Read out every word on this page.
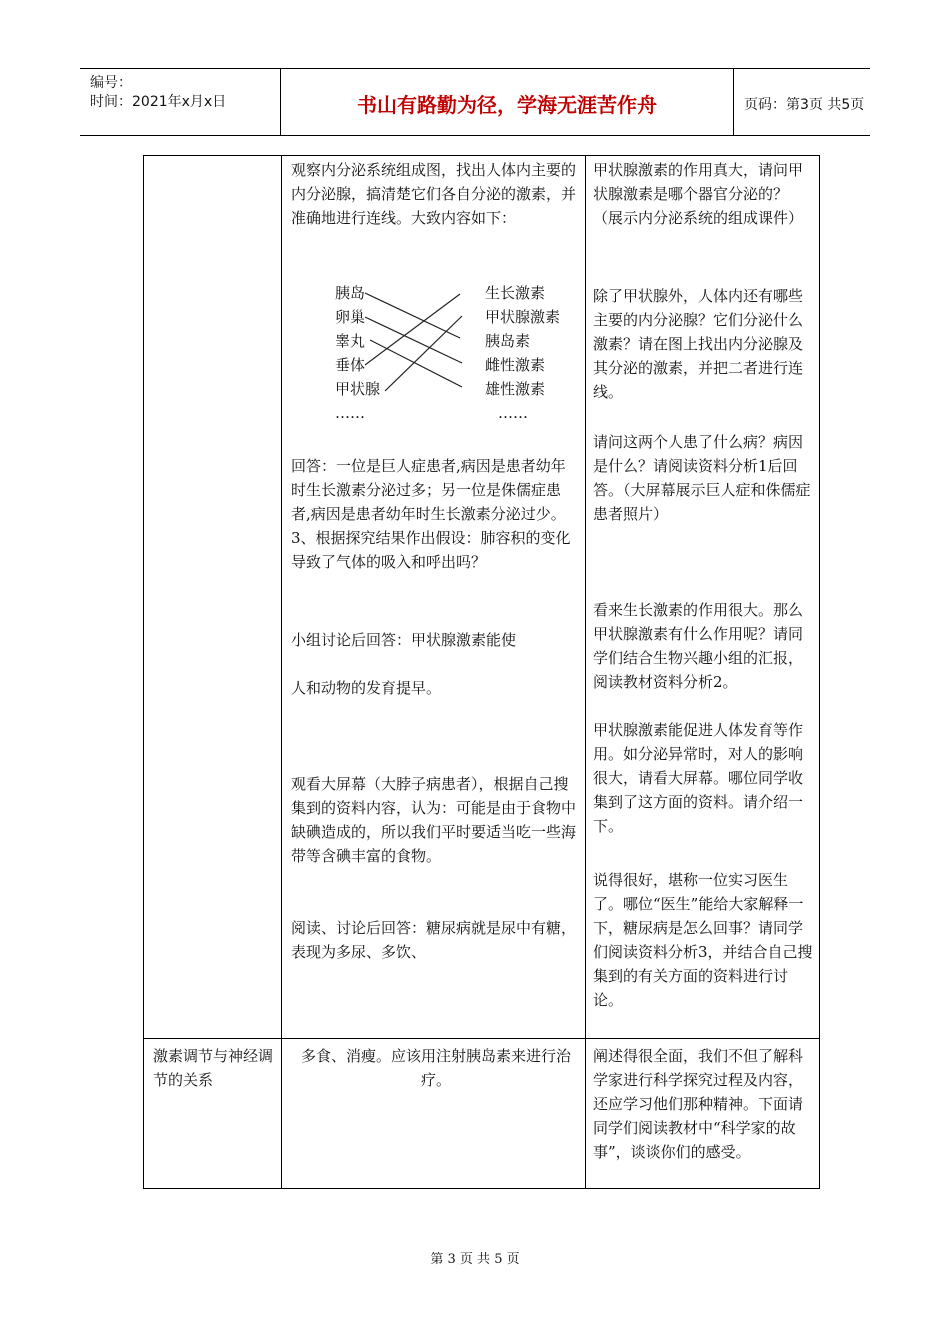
编号：
时间：2021年x月x日	书山有路勤为径，学海无涯苦作舟	页码：第3页 共5页

观察内分泌系统组成图，找出人体内主要的内分泌腺，搞清楚它们各自分泌的激素，并准确地进行连线。大致内容如下：

胰岛
卵巢
睾丸
垂体
甲状腺
……
生长激素
甲状腺激素
胰岛素
雌性激素
雄性激素
……

回答：一位是巨人症患者,病因是患者幼年时生长激素分泌过多；另一位是侏儒症患者,病因是患者幼年时生长激素分泌过少。 3、根据探究结果作出假设：肺容积的变化导致了气体的吸入和呼出吗？

小组讨论后回答：甲状腺激素能使

人和动物的发育提早。

观看大屏幕（大脖子病患者），根据自己搜集到的资料内容，认为：可能是由于食物中缺碘造成的，所以我们平时要适当吃一些海带等含碘丰富的食物。

阅读、讨论后回答：糖尿病就是尿中有糖，表现为多尿、多饮、

甲状腺激素的作用真大，请问甲状腺激素是哪个器官分泌的？（展示内分泌系统的组成课件）

除了甲状腺外，人体内还有哪些主要的内分泌腺？它们分泌什么激素？请在图上找出内分泌腺及其分泌的激素，并把二者进行连线。

请问这两个人患了什么病？病因是什么？请阅读资料分析1后回答。（大屏幕展示巨人症和侏儒症患者照片）

看来生长激素的作用很大。那么甲状腺激素有什么作用呢？请同学们结合生物兴趣小组的汇报，阅读教材资料分析2。

甲状腺激素能促进人体发育等作用。如分泌异常时，对人的影响很大，请看大屏幕。哪位同学收集到了这方面的资料。请介绍一下。

说得很好，堪称一位实习医生了。哪位“医生”能给大家解释一下，糖尿病是怎么回事？请同学们阅读资料分析3，并结合自己搜集到的有关方面的资料进行讨论。

激素调节与神经调节的关系

多食、消瘦。应该用注射胰岛素来进行治疗。

阐述得很全面，我们不但了解科学家进行科学探究过程及内容，还应学习他们那种精神。下面请同学们阅读教材中“科学家的故事”，谈谈你们的感受。

第 3 页 共 5 页
